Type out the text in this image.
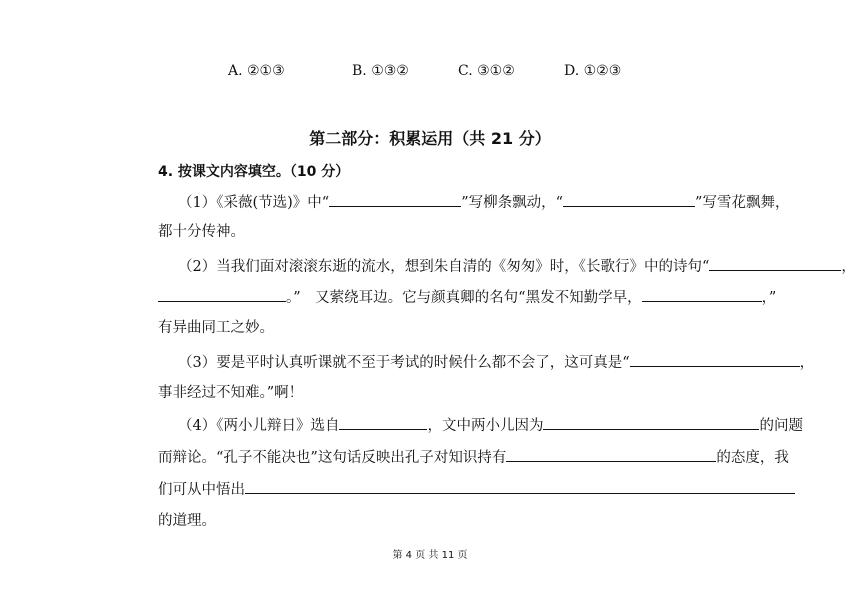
A. ②①③	B. ①③②	C. ③①②	D. ①②③
第二部分：积累运用（共 21 分）
4. 按课文内容填空。（10 分）
（1）《采薇(节选)》中“	”写柳条飘动，“	”写雪花飘舞，
都十分传神。
（2）当我们面对滚滚东逝的流水，想到朱自清的《匆匆》时，《长歌行》中的诗句“	，
。”　又萦绕耳边。它与颜真卿的名句“黑发不知勤学早，	，”
有异曲同工之妙。
（3）要是平时认真听课就不至于考试的时候什么都不会了，这可真是“	，
事非经过不知难。”啊！
（4）《两小儿辩日》选自	，文中两小儿因为	的问题
而辩论。“孔子不能决也”这句话反映出孔子对知识持有	的态度，我
们可从中悟出
的道理。
第 4 页 共 11 页
